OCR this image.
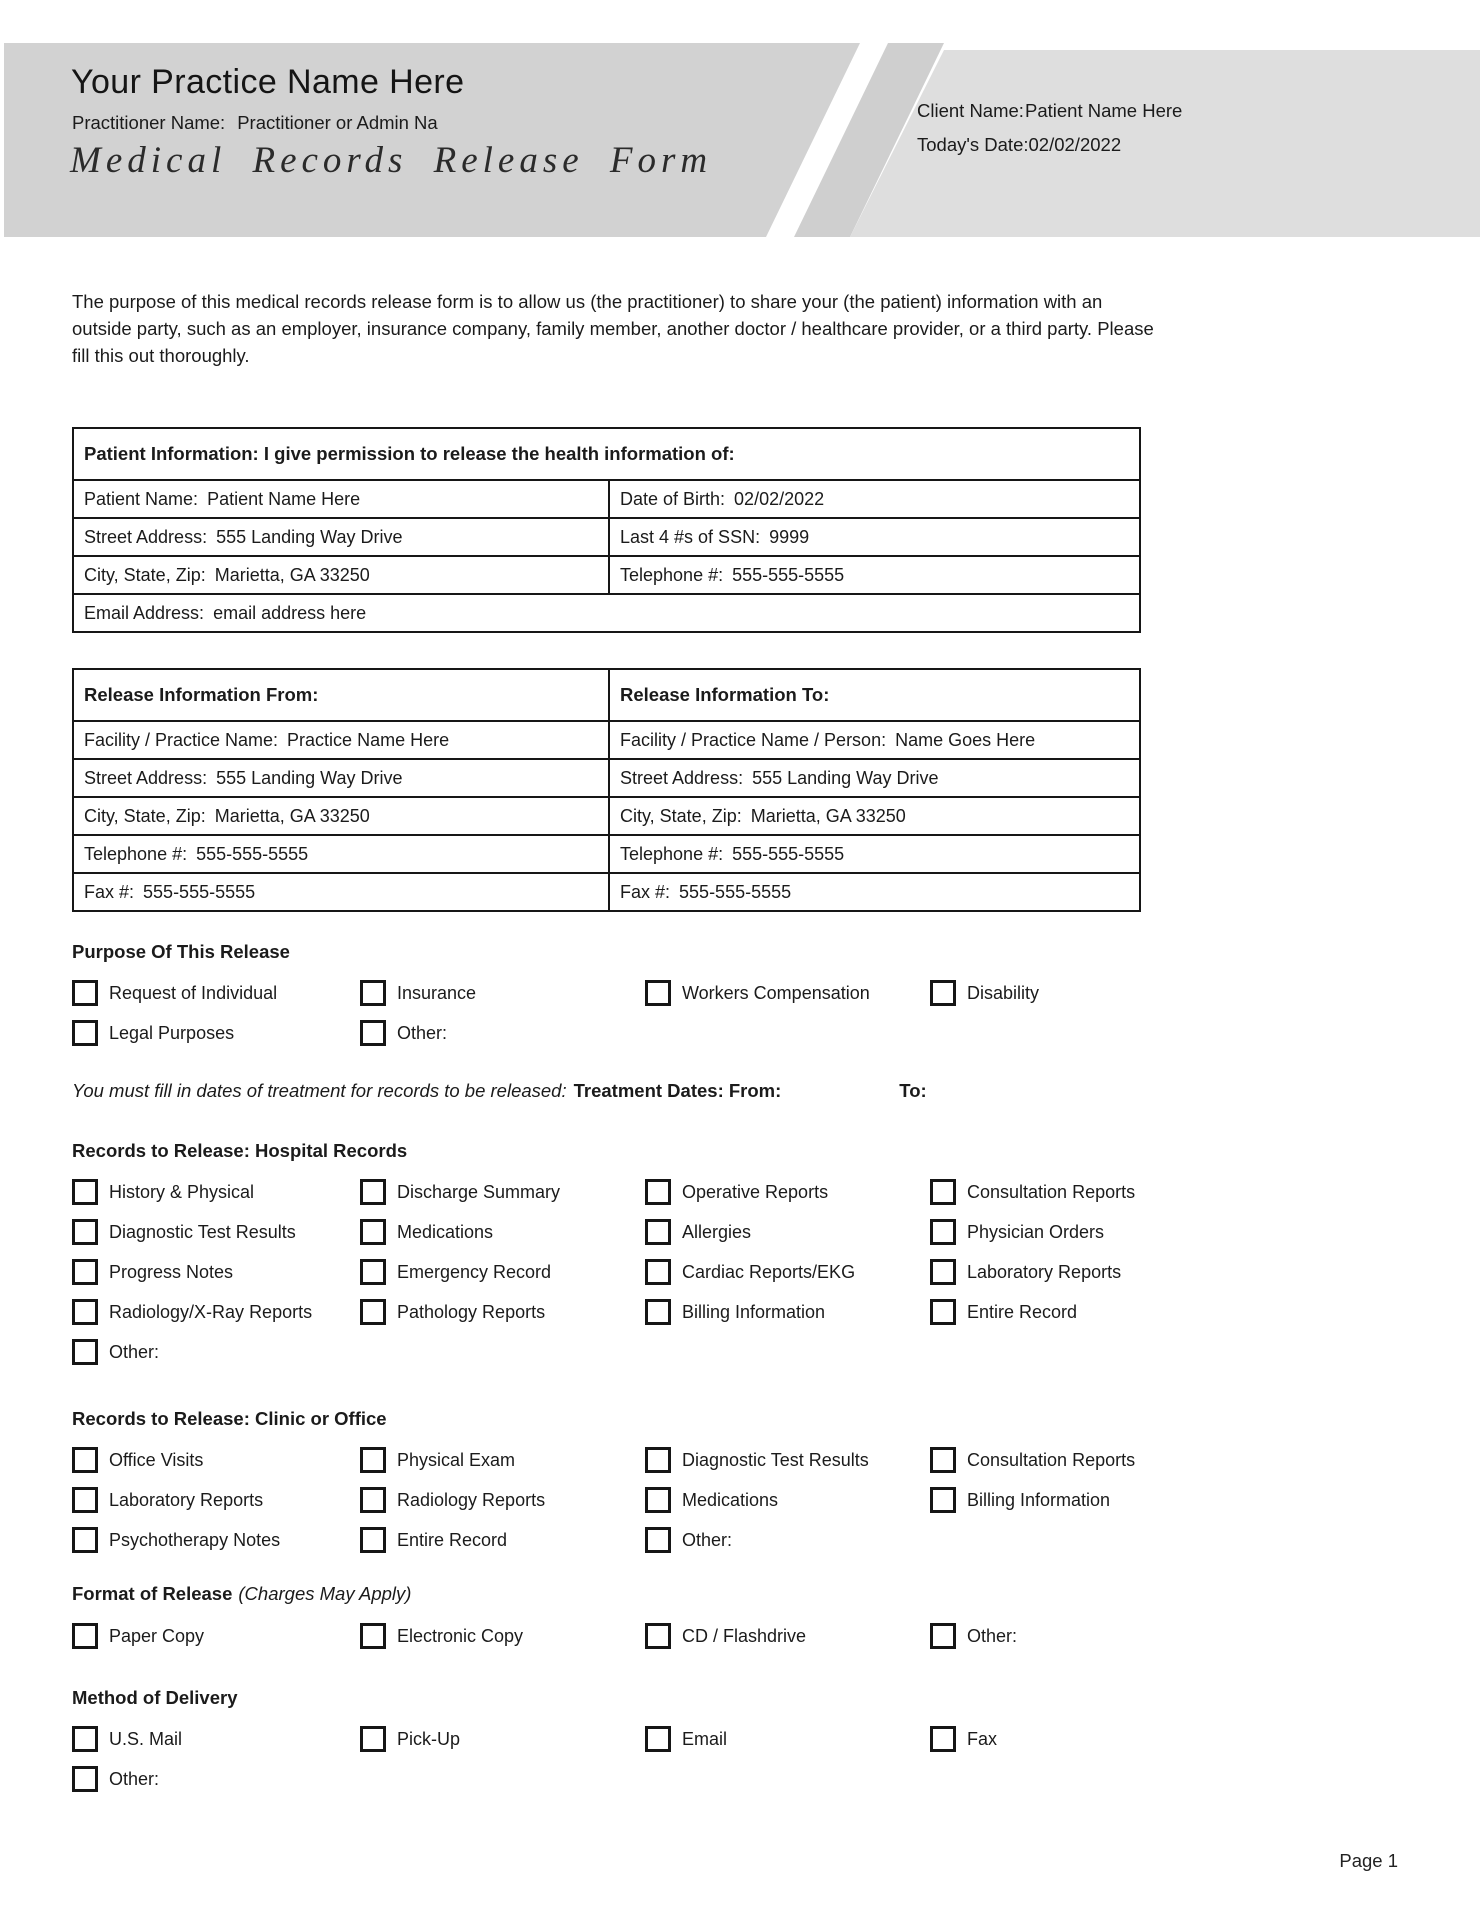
Your Practice Name Here
Practitioner Name: Practitioner or Admin Na
Medical Records Release Form
Client Name:Patient Name Here
Today's Date:02/02/2022
The purpose of this medical records release form is to allow us (the practitioner) to share your (the patient) information with an outside party, such as an employer, insurance company, family member, another doctor / healthcare provider, or a third party. Please fill this out thoroughly.
Patient Information: I give permission to release the health information of:	
Patient Name: Patient Name Here	Date of Birth: 02/02/2022
Street Address: 555 Landing Way Drive	Last 4 #s of SSN: 9999
City, State, Zip: Marietta, GA 33250	Telephone #: 555-555-5555
Email Address: email address here	
Release Information From:	Release Information To:
Facility / Practice Name: Practice Name Here	Facility / Practice Name / Person: Name Goes Here
Street Address: 555 Landing Way Drive	Street Address: 555 Landing Way Drive
City, State, Zip: Marietta, GA 33250	City, State, Zip: Marietta, GA 33250
Telephone #: 555-555-5555	Telephone #: 555-555-5555
Fax #: 555-555-5555	Fax #: 555-555-5555
Purpose Of This Release
Request of Individual	Insurance	Workers Compensation	Disability
Legal Purposes	Other:
You must fill in dates of treatment for records to be released: Treatment Dates: From:	To:
Records to Release: Hospital Records
History & Physical	Discharge Summary	Operative Reports	Consultation Reports
Diagnostic Test Results	Medications	Allergies	Physician Orders
Progress Notes	Emergency Record	Cardiac Reports/EKG	Laboratory Reports
Radiology/X-Ray Reports	Pathology Reports	Billing Information	Entire Record
Other:
Records to Release: Clinic or Office
Office Visits	Physical Exam	Diagnostic Test Results	Consultation Reports
Laboratory Reports	Radiology Reports	Medications	Billing Information
Psychotherapy Notes	Entire Record	Other:
Format of Release (Charges May Apply)
Paper Copy	Electronic Copy	CD / Flashdrive	Other:
Method of Delivery
U.S. Mail	Pick-Up	Email	Fax
Other:
Page 1
